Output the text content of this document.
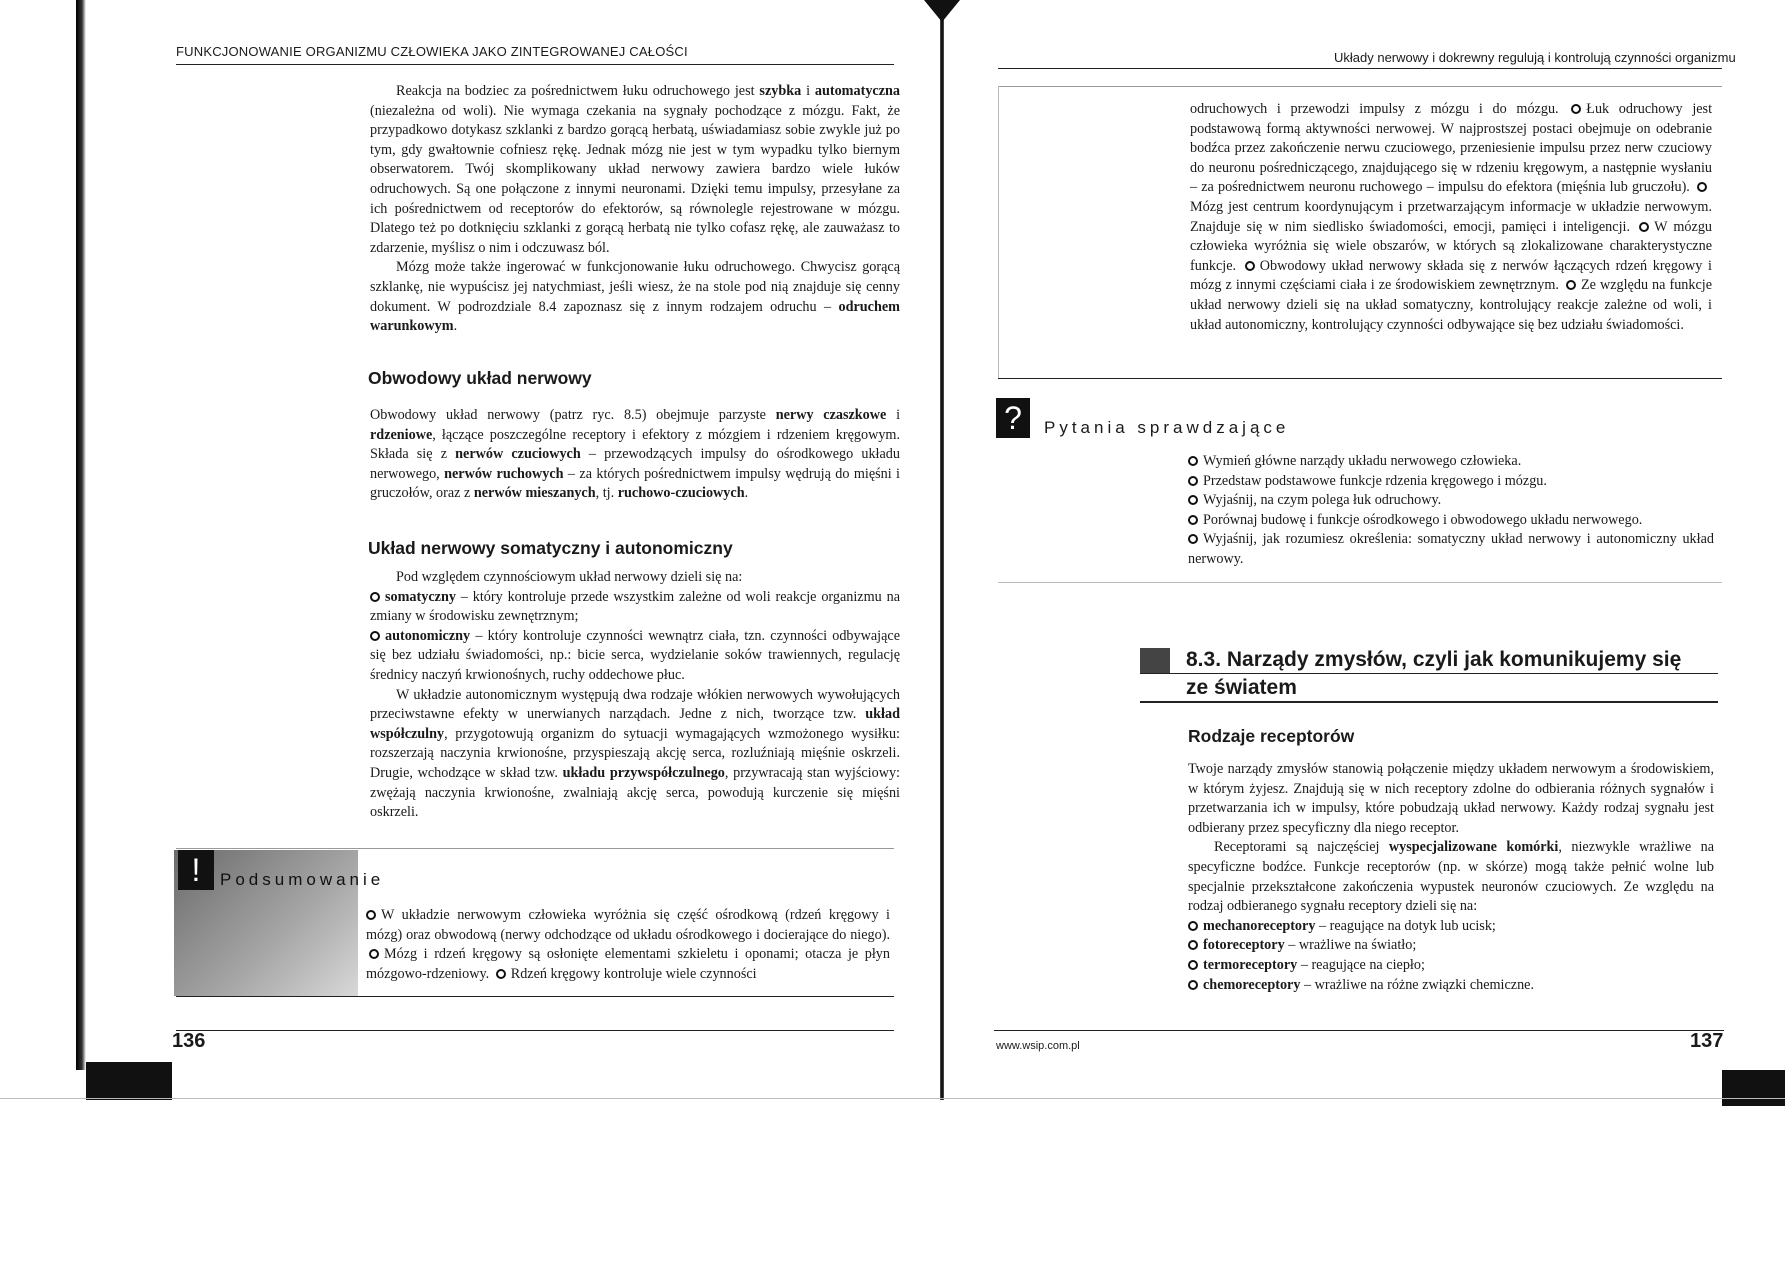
FUNKCJONOWANIE ORGANIZMU CZŁOWIEKA JAKO ZINTEGROWANEJ CAŁOŚCI

Reakcja na bodziec za pośrednictwem łuku odruchowego jest szybka i automatyczna (niezależna od woli). Nie wymaga czekania na sygnały pochodzące z mózgu. Fakt, że przypadkowo dotykasz szklanki z bardzo gorącą herbatą, uświadamiasz sobie zwykle już po tym, gdy gwałtownie cofniesz rękę. Jednak mózg nie jest w tym wypadku tylko biernym obserwatorem. Twój skomplikowany układ nerwowy zawiera bardzo wiele łuków odruchowych. Są one połączone z innymi neuronami. Dzięki temu impulsy, przesyłane za ich pośrednictwem od receptorów do efektorów, są równolegle rejestrowane w mózgu. Dlatego też po dotknięciu szklanki z gorącą herbatą nie tylko cofasz rękę, ale zauważasz to zdarzenie, myślisz o nim i odczuwasz ból.

Mózg może także ingerować w funkcjonowanie łuku odruchowego. Chwycisz gorącą szklankę, nie wypuścisz jej natychmiast, jeśli wiesz, że na stole pod nią znajduje się cenny dokument. W podrozdziale 8.4 zapoznasz się z innym rodzajem odruchu – odruchem warunkowym.

Obwodowy układ nerwowy

Obwodowy układ nerwowy (patrz ryc. 8.5) obejmuje parzyste nerwy czaszkowe i rdzeniowe, łączące poszczególne receptory i efektory z mózgiem i rdzeniem kręgowym. Składa się z nerwów czuciowych – przewodzących impulsy do ośrodkowego układu nerwowego, nerwów ruchowych – za których pośrednictwem impulsy wędrują do mięśni i gruczołów, oraz z nerwów mieszanych, tj. ruchowo-czuciowych.

Układ nerwowy somatyczny i autonomiczny

Pod względem czynnościowym układ nerwowy dzieli się na:

somatyczny – który kontroluje przede wszystkim zależne od woli reakcje organizmu na zmiany w środowisku zewnętrznym;

autonomiczny – który kontroluje czynności wewnątrz ciała, tzn. czynności odbywające się bez udziału świadomości, np.: bicie serca, wydzielanie soków trawiennych, regulację średnicy naczyń krwionośnych, ruchy oddechowe płuc.

W układzie autonomicznym występują dwa rodzaje włókien nerwowych wywołujących przeciwstawne efekty w unerwianych narządach. Jedne z nich, tworzące tzw. układ współczulny, przygotowują organizm do sytuacji wymagających wzmożonego wysiłku: rozszerzają naczynia krwionośne, przyspieszają akcję serca, rozluźniają mięśnie oskrzeli. Drugie, wchodzące w skład tzw. układu przywspółczulnego, przywracają stan wyjściowy: zwężają naczynia krwionośne, zwalniają akcję serca, powodują kurczenie się mięśni oskrzeli.

!	Podsumowanie

W układzie nerwowym człowieka wyróżnia się część ośrodkową (rdzeń kręgowy i mózg) oraz obwodową (nerwy odchodzące od układu ośrodkowego i docierające do niego). Mózg i rdzeń kręgowy są osłonięte elementami szkieletu i oponami; otacza je płyn mózgowo-rdzeniowy. Rdzeń kręgowy kontroluje wiele czynności

136
Układy nerwowy i dokrewny regulują i kontrolują czynności organizmu

odruchowych i przewodzi impulsy z mózgu i do mózgu. Łuk odruchowy jest podstawową formą aktywności nerwowej. W najprostszej postaci obejmuje on odebranie bodźca przez zakończenie nerwu czuciowego, przeniesienie impulsu przez nerw czuciowy do neuronu pośredniczącego, znajdującego się w rdzeniu kręgowym, a następnie wysłaniu – za pośrednictwem neuronu ruchowego – impulsu do efektora (mięśnia lub gruczołu). Mózg jest centrum koordynującym i przetwarzającym informacje w układzie nerwowym. Znajduje się w nim siedlisko świadomości, emocji, pamięci i inteligencji. W mózgu człowieka wyróżnia się wiele obszarów, w których są zlokalizowane charakterystyczne funkcje. Obwodowy układ nerwowy składa się z nerwów łączących rdzeń kręgowy i mózg z innymi częściami ciała i ze środowiskiem zewnętrznym. Ze względu na funkcje układ nerwowy dzieli się na układ somatyczny, kontrolujący reakcje zależne od woli, i układ autonomiczny, kontrolujący czynności odbywające się bez udziału świadomości.

?	Pytania sprawdzające
Wymień główne narządy układu nerwowego człowieka.
Przedstaw podstawowe funkcje rdzenia kręgowego i mózgu.
Wyjaśnij, na czym polega łuk odruchowy.
Porównaj budowę i funkcje ośrodkowego i obwodowego układu nerwowego.
Wyjaśnij, jak rozumiesz określenia: somatyczny układ nerwowy i autonomiczny układ nerwowy.
8.3. Narządy zmysłów, czyli jak komunikujemy się
ze światem
Rodzaje receptorów

Twoje narządy zmysłów stanowią połączenie między układem nerwowym a środowiskiem, w którym żyjesz. Znajdują się w nich receptory zdolne do odbierania różnych sygnałów i przetwarzania ich w impulsy, które pobudzają układ nerwowy. Każdy rodzaj sygnału jest odbierany przez specyficzny dla niego receptor.

Receptorami są najczęściej wyspecjalizowane komórki, niezwykle wrażliwe na specyficzne bodźce. Funkcje receptorów (np. w skórze) mogą także pełnić wolne lub specjalnie przekształcone zakończenia wypustek neuronów czuciowych. Ze względu na rodzaj odbieranego sygnału receptory dzieli się na:

mechanoreceptory – reagujące na dotyk lub ucisk;
fotoreceptory – wrażliwe na światło;
termoreceptory – reagujące na ciepło;
chemoreceptory – wrażliwe na różne związki chemiczne.
www.wsip.com.pl	137
